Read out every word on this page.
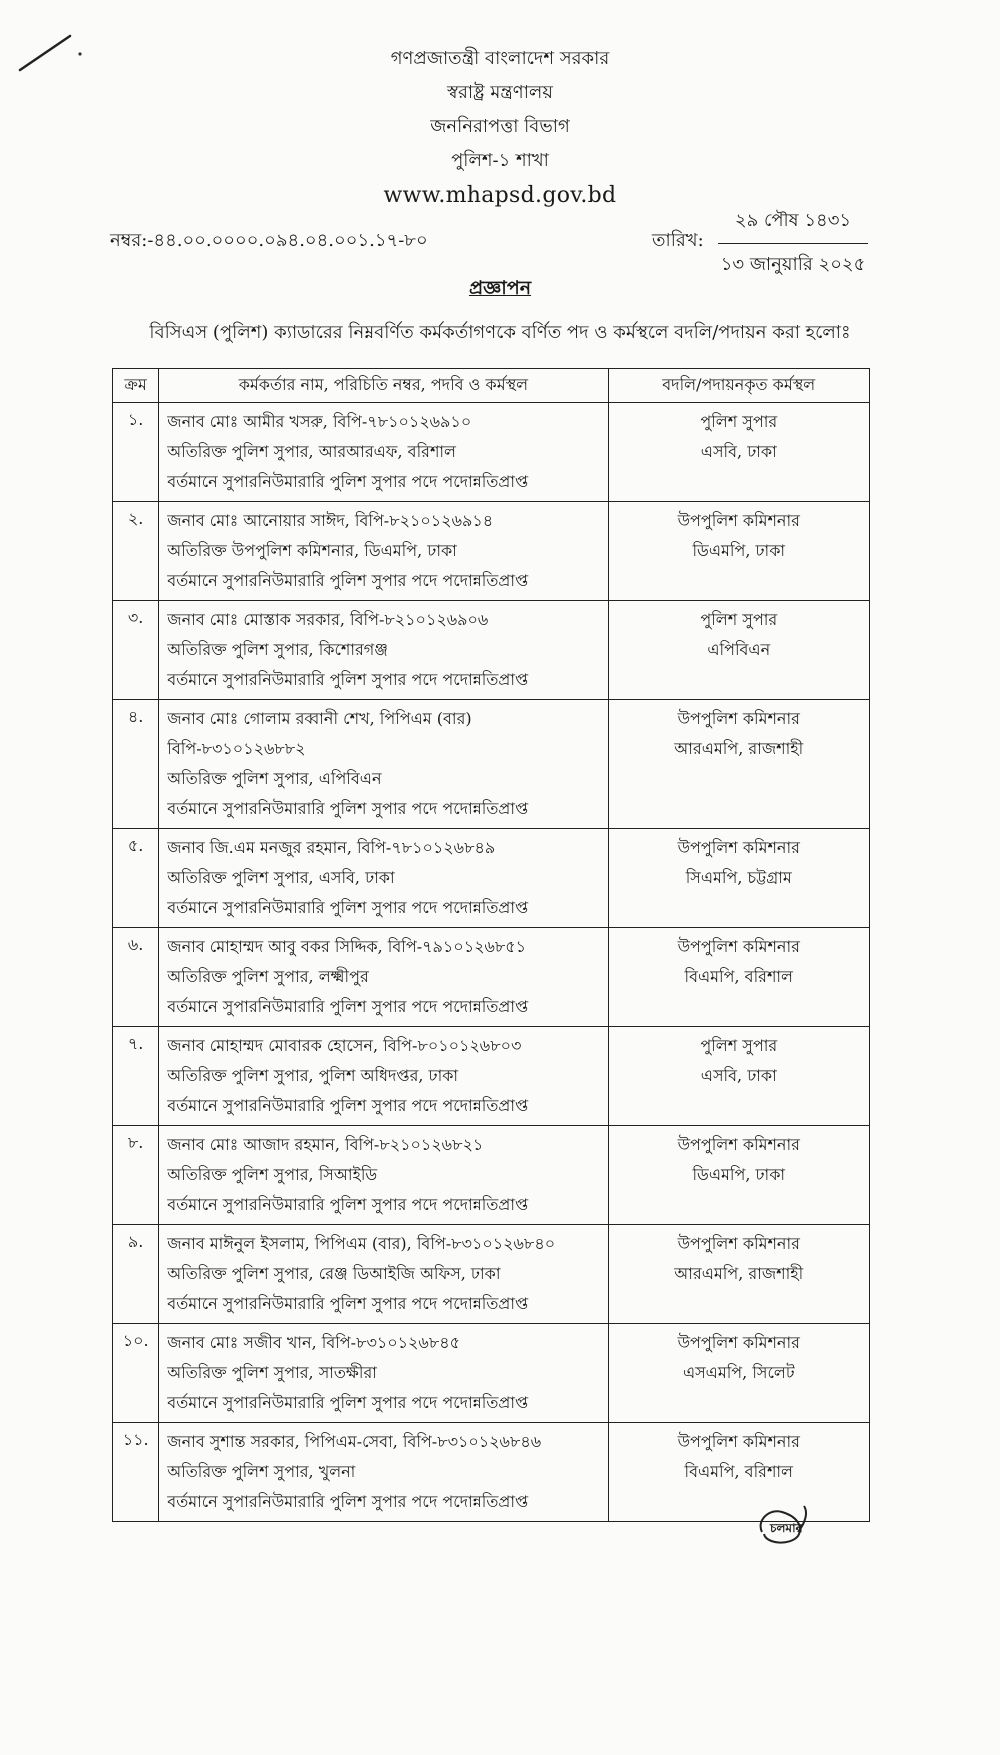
গণপ্রজাতন্ত্রী বাংলাদেশ সরকার
স্বরাষ্ট্র মন্ত্রণালয়
জননিরাপত্তা বিভাগ
পুলিশ-১ শাখা
www.mhapsd.gov.bd
নম্বর:-৪৪.০০.০০০০.০৯৪.০৪.০০১.১৭-৮০	তারিখ:
২৯ পৌষ ১৪৩১
১৩ জানুয়ারি ২০২৫
প্রজ্ঞাপন
বিসিএস (পুলিশ) ক্যাডারের নিম্নবর্ণিত কর্মকর্তাগণকে বর্ণিত পদ ও কর্মস্থলে বদলি/পদায়ন করা হলোঃ
ক্রম	কর্মকর্তার নাম, পরিচিতি নম্বর, পদবি ও কর্মস্থল	বদলি/পদায়নকৃত কর্মস্থল
১.	জনাব মোঃ আমীর খসরু, বিপি-৭৮১০১২৬৯১০
অতিরিক্ত পুলিশ সুপার, আরআরএফ, বরিশাল
বর্তমানে সুপারনিউমারারি পুলিশ সুপার পদে পদোন্নতিপ্রাপ্ত	পুলিশ সুপার
এসবি, ঢাকা

২.	জনাব মোঃ আনোয়ার সাঈদ, বিপি-৮২১০১২৬৯১৪
অতিরিক্ত উপপুলিশ কমিশনার, ডিএমপি, ঢাকা
বর্তমানে সুপারনিউমারারি পুলিশ সুপার পদে পদোন্নতিপ্রাপ্ত	উপপুলিশ কমিশনার
ডিএমপি, ঢাকা

৩.	জনাব মোঃ মোস্তাক সরকার, বিপি-৮২১০১২৬৯০৬
অতিরিক্ত পুলিশ সুপার, কিশোরগঞ্জ
বর্তমানে সুপারনিউমারারি পুলিশ সুপার পদে পদোন্নতিপ্রাপ্ত	পুলিশ সুপার
এপিবিএন

৪.	জনাব মোঃ গোলাম রব্বানী শেখ, পিপিএম (বার)
বিপি-৮৩১০১২৬৮৮২
অতিরিক্ত পুলিশ সুপার, এপিবিএন
বর্তমানে সুপারনিউমারারি পুলিশ সুপার পদে পদোন্নতিপ্রাপ্ত	উপপুলিশ কমিশনার
আরএমপি, রাজশাহী

৫.	জনাব জি.এম মনজুর রহমান, বিপি-৭৮১০১২৬৮৪৯
অতিরিক্ত পুলিশ সুপার, এসবি, ঢাকা
বর্তমানে সুপারনিউমারারি পুলিশ সুপার পদে পদোন্নতিপ্রাপ্ত	উপপুলিশ কমিশনার
সিএমপি, চট্টগ্রাম

৬.	জনাব মোহাম্মদ আবু বকর সিদ্দিক, বিপি-৭৯১০১২৬৮৫১
অতিরিক্ত পুলিশ সুপার, লক্ষ্মীপুর
বর্তমানে সুপারনিউমারারি পুলিশ সুপার পদে পদোন্নতিপ্রাপ্ত	উপপুলিশ কমিশনার
বিএমপি, বরিশাল

৭.	জনাব মোহাম্মদ মোবারক হোসেন, বিপি-৮০১০১২৬৮০৩
অতিরিক্ত পুলিশ সুপার, পুলিশ অধিদপ্তর, ঢাকা
বর্তমানে সুপারনিউমারারি পুলিশ সুপার পদে পদোন্নতিপ্রাপ্ত	পুলিশ সুপার
এসবি, ঢাকা

৮.	জনাব মোঃ আজাদ রহমান, বিপি-৮২১০১২৬৮২১
অতিরিক্ত পুলিশ সুপার, সিআইডি
বর্তমানে সুপারনিউমারারি পুলিশ সুপার পদে পদোন্নতিপ্রাপ্ত	উপপুলিশ কমিশনার
ডিএমপি, ঢাকা

৯.	জনাব মাঈনুল ইসলাম, পিপিএম (বার), বিপি-৮৩১০১২৬৮৪০
অতিরিক্ত পুলিশ সুপার, রেঞ্জ ডিআইজি অফিস, ঢাকা
বর্তমানে সুপারনিউমারারি পুলিশ সুপার পদে পদোন্নতিপ্রাপ্ত	উপপুলিশ কমিশনার
আরএমপি, রাজশাহী

১০.	জনাব মোঃ সজীব খান, বিপি-৮৩১০১২৬৮৪৫
অতিরিক্ত পুলিশ সুপার, সাতক্ষীরা
বর্তমানে সুপারনিউমারারি পুলিশ সুপার পদে পদোন্নতিপ্রাপ্ত	উপপুলিশ কমিশনার
এসএমপি, সিলেট

১১.	জনাব সুশান্ত সরকার, পিপিএম-সেবা, বিপি-৮৩১০১২৬৮৪৬
অতিরিক্ত পুলিশ সুপার, খুলনা
বর্তমানে সুপারনিউমারারি পুলিশ সুপার পদে পদোন্নতিপ্রাপ্ত	উপপুলিশ কমিশনার
বিএমপি, বরিশাল
চলমান
